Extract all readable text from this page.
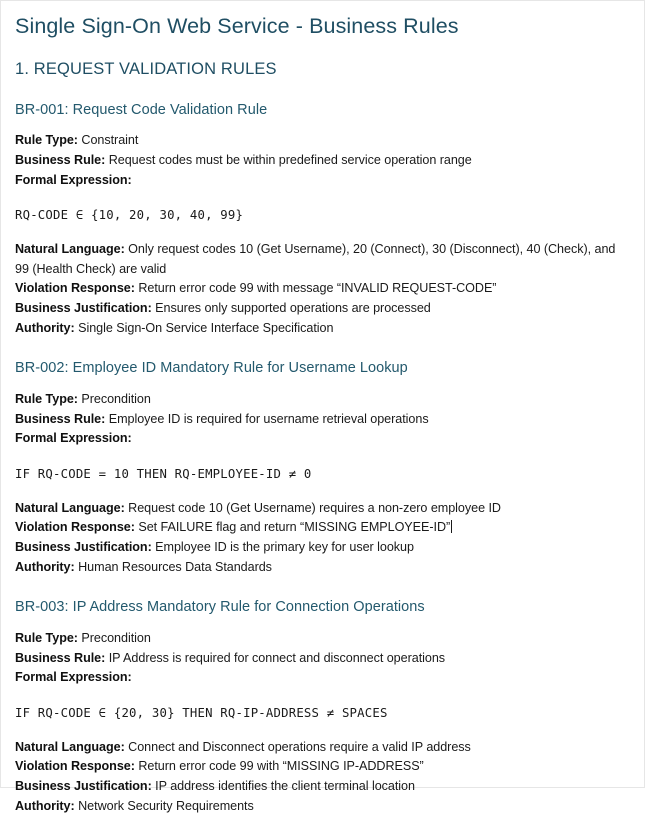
Single Sign-On Web Service - Business Rules
1. REQUEST VALIDATION RULES
BR-001: Request Code Validation Rule

Rule Type: Constraint

Business Rule: Request codes must be within predefined service operation range

Formal Expression:

RQ-CODE ∈ {10, 20, 30, 40, 99}

Natural Language: Only request codes 10 (Get Username), 20 (Connect), 30 (Disconnect), 40 (Check), and 99 (Health Check) are valid

Violation Response: Return error code 99 with message “INVALID REQUEST-CODE”

Business Justification: Ensures only supported operations are processed

Authority: Single Sign-On Service Interface Specification

BR-002: Employee ID Mandatory Rule for Username Lookup

Rule Type: Precondition

Business Rule: Employee ID is required for username retrieval operations

Formal Expression:

IF RQ-CODE = 10 THEN RQ-EMPLOYEE-ID ≠ 0

Natural Language: Request code 10 (Get Username) requires a non-zero employee ID

Violation Response: Set FAILURE flag and return “MISSING EMPLOYEE-ID”

Business Justification: Employee ID is the primary key for user lookup

Authority: Human Resources Data Standards

BR-003: IP Address Mandatory Rule for Connection Operations

Rule Type: Precondition

Business Rule: IP Address is required for connect and disconnect operations

Formal Expression:

IF RQ-CODE ∈ {20, 30} THEN RQ-IP-ADDRESS ≠ SPACES

Natural Language: Connect and Disconnect operations require a valid IP address

Violation Response: Return error code 99 with “MISSING IP-ADDRESS”

Business Justification: IP address identifies the client terminal location

Authority: Network Security Requirements
